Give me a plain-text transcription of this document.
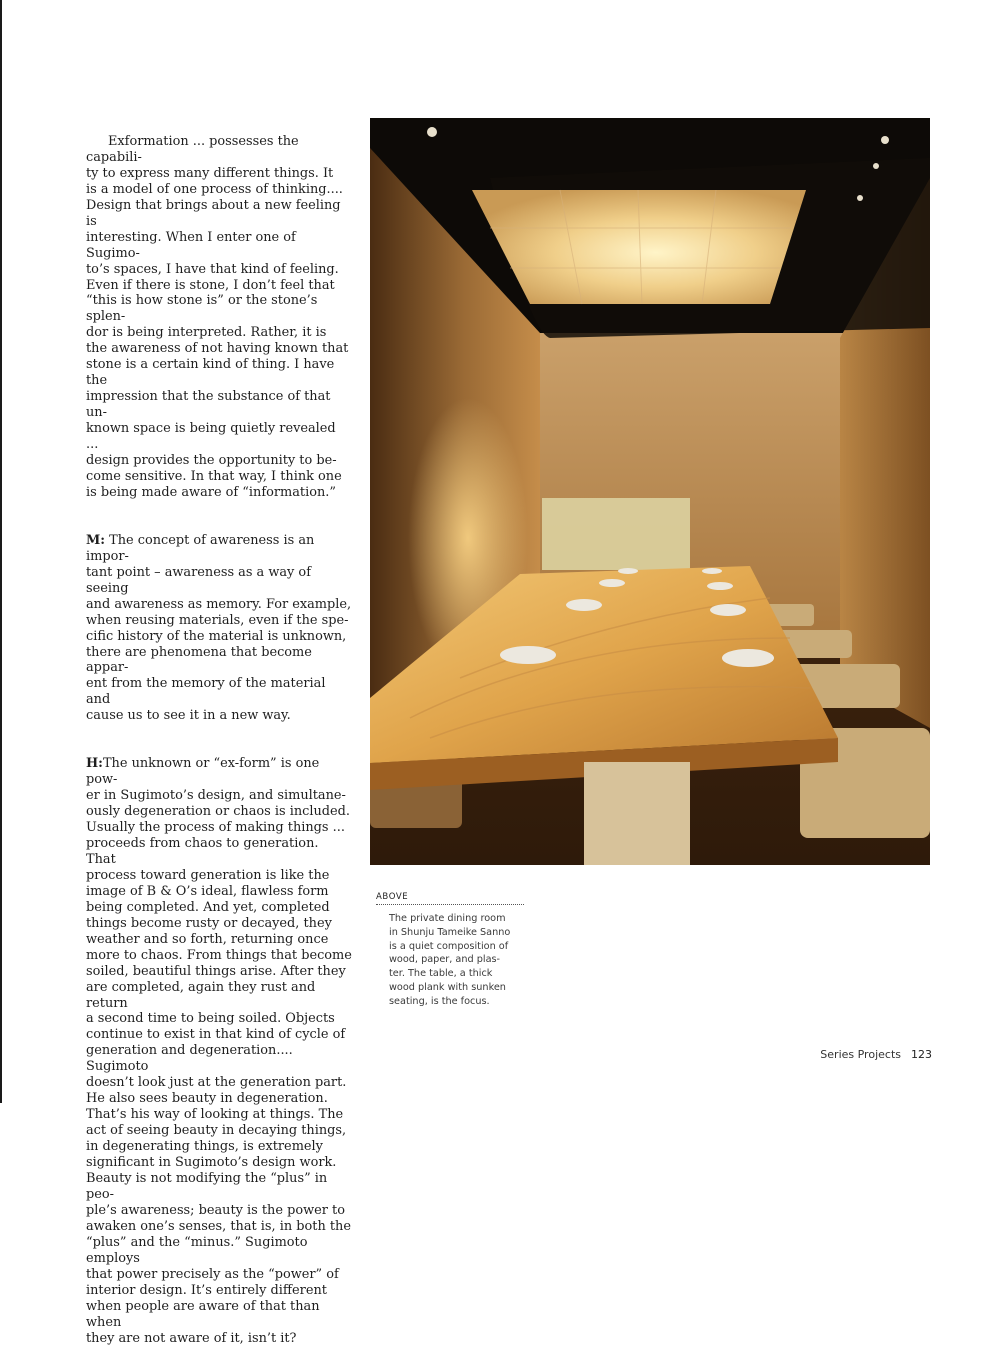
Exformation ... possesses the capabili-
ty to express many different things. It
is a model of one process of thinking....
Design that brings about a new feeling is
interesting. When I enter one of Sugimo-
to’s spaces, I have that kind of feeling.
Even if there is stone, I don’t feel that
“this is how stone is” or the stone’s splen-
dor is being interpreted. Rather, it is
the awareness of not having known that
stone is a certain kind of thing. I have the
impression that the substance of that un-
known space is being quietly revealed ...
design provides the opportunity to be-
come sensitive. In that way, I think one
is being made aware of “information.”

M: The concept of awareness is an impor-
tant point – awareness as a way of seeing
and awareness as memory. For example,
when reusing materials, even if the spe-
cific history of the material is unknown,
there are phenomena that become appar-
ent from the memory of the material and
cause us to see it in a new way.

H:The unknown or “ex-form” is one pow-
er in Sugimoto’s design, and simultane-
ously degeneration or chaos is included.
Usually the process of making things ...
proceeds from chaos to generation. That
process toward generation is like the
image of B & O’s ideal, flawless form
being completed. And yet, completed
things become rusty or decayed, they
weather and so forth, returning once
more to chaos. From things that become
soiled, beautiful things arise. After they
are completed, again they rust and return
a second time to being soiled. Objects
continue to exist in that kind of cycle of
generation and degeneration.... Sugimoto
doesn’t look just at the generation part.
He also sees beauty in degeneration.
That’s his way of looking at things. The
act of seeing beauty in decaying things,
in degenerating things, is extremely
significant in Sugimoto’s design work.
Beauty is not modifying the “plus” in peo-
ple’s awareness; beauty is the power to
awaken one’s senses, that is, in both the
“plus” and the “minus.” Sugimoto employs
that power precisely as the “power” of
interior design. It’s entirely different
when people are aware of that than when
they are not aware of it, isn’t it?

ABOVE
The private dining room
in Shunju Tameike Sanno
is a quiet composition of
wood, paper, and plas-
ter. The table, a thick
wood plank with sunken
seating, is the focus.
Series Projects 123
